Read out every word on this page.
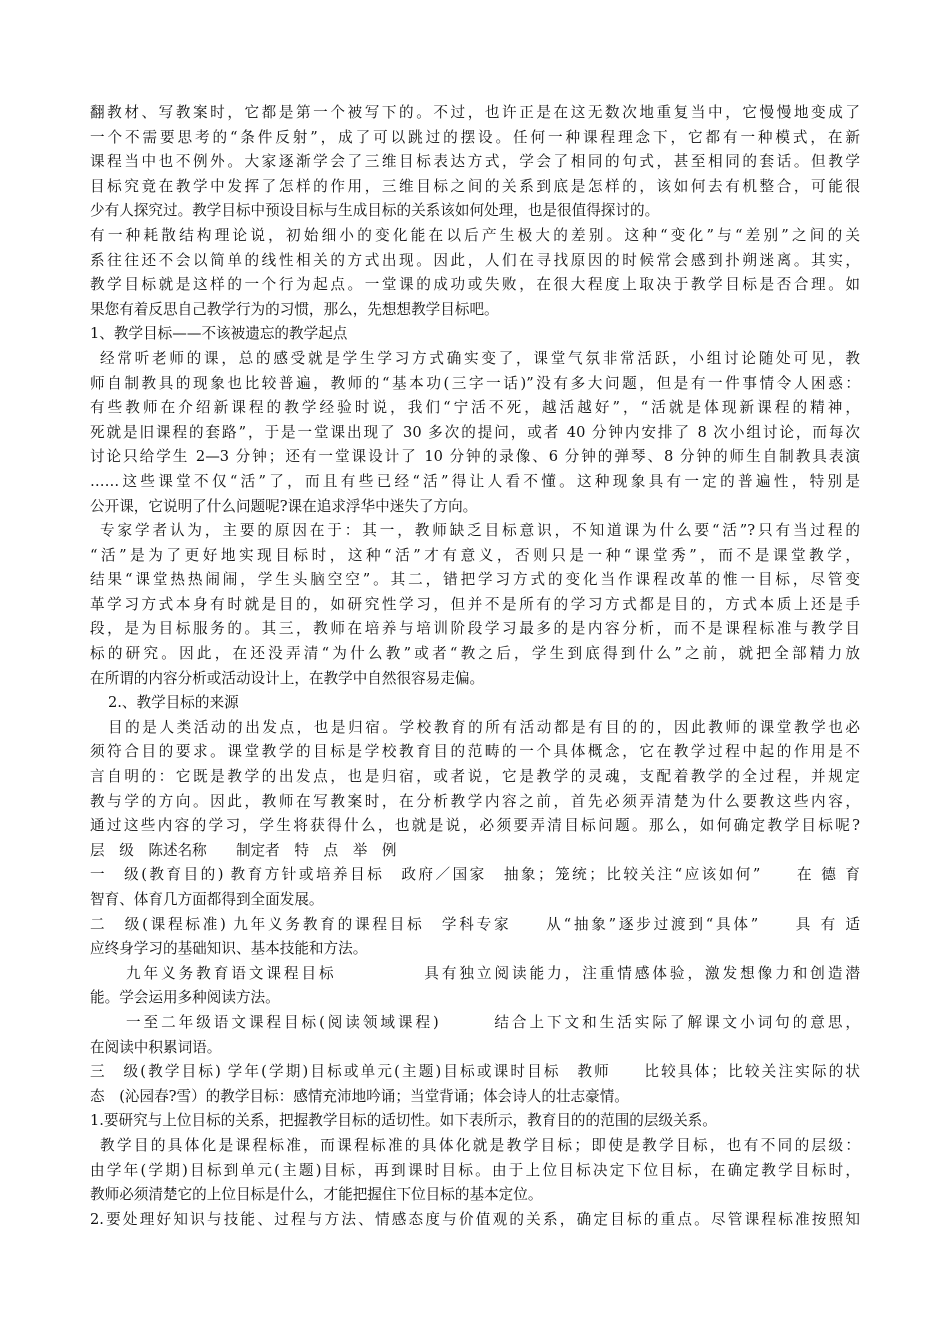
翻教材、写教案时，它都是第一个被写下的。不过，也许正是在这无数次地重复当中，它慢慢地变成了
一个不需要思考的“条件反射”，成了可以跳过的摆设。任何一种课程理念下，它都有一种模式，在新
课程当中也不例外。大家逐渐学会了三维目标表达方式，学会了相同的句式，甚至相同的套话。但教学
目标究竟在教学中发挥了怎样的作用，三维目标之间的关系到底是怎样的，该如何去有机整合，可能很
少有人探究过。教学目标中预设目标与生成目标的关系该如何处理，也是很值得探讨的。
有一种耗散结构理论说，初始细小的变化能在以后产生极大的差别。这种“变化”与“差别”之间的关
系往往还不会以简单的线性相关的方式出现。因此，人们在寻找原因的时候常会感到扑朔迷离。其实，
教学目标就是这样的一个行为起点。一堂课的成功或失败，在很大程度上取决于教学目标是否合理。如
果您有着反思自己教学行为的习惯，那么，先想想教学目标吧。
1、教学目标——不该被遗忘的教学起点
经常听老师的课，总的感受就是学生学习方式确实变了，课堂气氛非常活跃，小组讨论随处可见，教
师自制教具的现象也比较普遍，教师的“基本功(三字一话)”没有多大问题，但是有一件事情令人困惑：
有些教师在介绍新课程的教学经验时说，我们“宁活不死，越活越好”，“活就是体现新课程的精神，
死就是旧课程的套路”，于是一堂课出现了 30 多次的提问，或者 40 分钟内安排了 8 次小组讨论，而每次
讨论只给学生 2—3 分钟；还有一堂课设计了 10 分钟的录像、6 分钟的弹琴、8 分钟的师生自制教具表演
……这些课堂不仅“活”了，而且有些已经“活”得让人看不懂。这种现象具有一定的普遍性，特别是
公开课，它说明了什么问题呢?课在追求浮华中迷失了方向。
专家学者认为，主要的原因在于：其一，教师缺乏目标意识，不知道课为什么要“活”?只有当过程的
“活”是为了更好地实现目标时，这种“活”才有意义，否则只是一种“课堂秀”，而不是课堂教学，
结果“课堂热热闹闹，学生头脑空空”。其二，错把学习方式的变化当作课程改革的惟一目标，尽管变
革学习方式本身有时就是目的，如研究性学习，但并不是所有的学习方式都是目的，方式本质上还是手
段，是为目标服务的。其三，教师在培养与培训阶段学习最多的是内容分析，而不是课程标准与教学目
标的研究。因此，在还没弄清“为什么教”或者“教之后，学生到底得到什么”之前，就把全部精力放
在所谓的内容分析或活动设计上，在教学中自然很容易走偏。
2.、教学目标的来源
目的是人类活动的出发点，也是归宿。学校教育的所有活动都是有目的的，因此教师的课堂教学也必
须符合目的要求。课堂教学的目标是学校教育目的范畴的一个具体概念，它在教学过程中起的作用是不
言自明的：它既是教学的出发点，也是归宿，或者说，它是教学的灵魂，支配着教学的全过程，并规定
教与学的方向。因此，教师在写教案时，在分析教学内容之前，首先必须弄清楚为什么要教这些内容，
通过这些内容的学习，学生将获得什么，也就是说，必须要弄清目标问题。那么，如何确定教学目标呢?
层　级　陈述名称　　制定者　特　点　举　例
一　级(教育目的) 教育方针或培养目标　政府／国家　抽象；笼统；比较关注“应该如何”　　在 德 育
智育、体育几方面都得到全面发展。
二　级(课程标准) 九年义务教育的课程目标　学科专家　　从“抽象”逐步过渡到“具体”　　具 有 适
应终身学习的基础知识、基本技能和方法。
九年义务教育语文课程目标　　　　　具有独立阅读能力，注重情感体验，激发想像力和创造潜
能。学会运用多种阅读方法。
一至二年级语文课程目标(阅读领域课程)　　　结合上下文和生活实际了解课文小词句的意思，
在阅读中积累词语。
三　级(教学目标) 学年(学期)目标或单元(主题)目标或课时目标　教师　　比较具体；比较关注实际的状
态　(沁园春?雪）的教学目标：感情充沛地吟诵；当堂背诵；体会诗人的壮志豪情。
1.要研究与上位目标的关系，把握教学目标的适切性。如下表所示，教育目的的范围的层级关系。
教学目的具体化是课程标准，而课程标准的具体化就是教学目标；即使是教学目标，也有不同的层级：
由学年(学期)目标到单元(主题)目标，再到课时目标。由于上位目标决定下位目标，在确定教学目标时，
教师必须清楚它的上位目标是什么，才能把握住下位目标的基本定位。
2.要处理好知识与技能、过程与方法、情感态度与价值观的关系，确定目标的重点。尽管课程标准按照知
